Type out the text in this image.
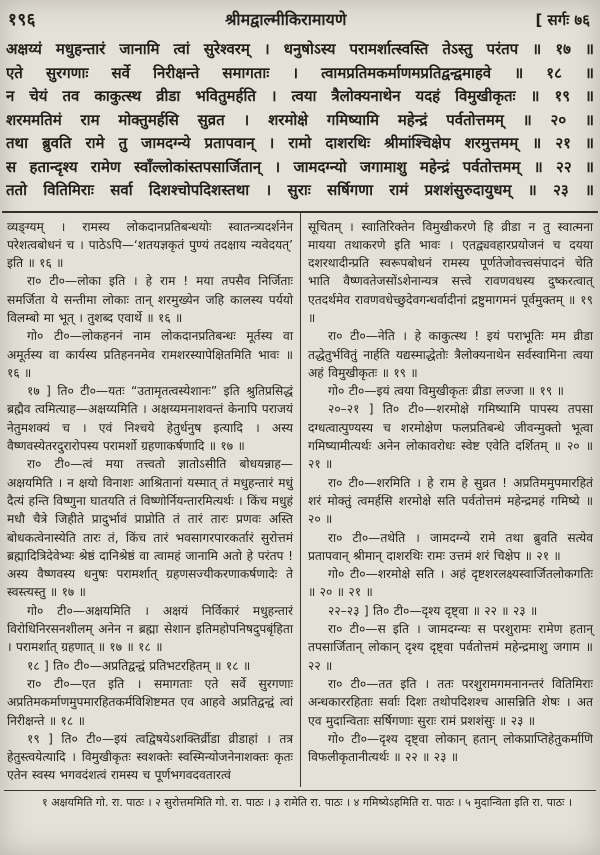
१९६	श्रीमद्वाल्मीकिरामायणे	[ सर्गः ७६

अक्षय्यं मधुहन्तारं जानामि त्वां सुरेश्वरम् । धनुषोऽस्य परामर्शात्स्वस्ति तेऽस्तु परंतप ॥ १७ ॥

एते सुरगणाः सर्वे निरीक्षन्ते समागताः । त्वामप्रतिमकर्माणमप्रतिद्वन्द्वमाहवे ॥ १८ ॥

न चेयं तव काकुत्स्थ व्रीडा भवितुमर्हति । त्वया त्रैलोक्यनाथेन यदहं विमुखीकृतः ॥ १९ ॥

शरममतिमं राम मोक्तुमर्हसि सुव्रत । शरमोक्षे गमिष्यामि महेन्द्रं पर्वतोत्तमम् ॥ २० ॥

तथा ब्रुवति रामे तु जामदग्न्ये प्रतापवान् । रामो दाशरथिः श्रीमांश्चिक्षेप शरमुत्तमम् ॥ २१ ॥

स हतान्दृश्य रामेण स्वाँल्लोकांस्तपसार्जितान् । जामदग्न्यो जगामाशु महेन्द्रं पर्वतोत्तमम् ॥ २२ ॥

ततो वितिमिराः सर्वा दिशश्चोपदिशस्तथा । सुराः सर्षिगणा रामं प्रशशंसुरुदायुधम् ॥ २३ ॥

व्यङ्ग्यम् । रामस्य लोकदानप्रतिबन्धयोः स्वातन्त्र्यदर्शनेन परेशत्वबोधनं च । पाठेऽपि—‘शतयज्ञकृतं पुण्यं तदक्षाय न्यवेदयत्’ इति ॥ १६ ॥

रा० टी०—लोका इति । हे राम ! मया तपसैव निर्जिताः समर्जिता ये सन्तीमा लोकाः तान् शरमुख्येन जहि कालस्य पर्ययो विलम्बो मा भूत् । तुशब्द एवार्थे ॥ १६ ॥

गो० टी०—लोकहननं नाम लोकदानप्रतिबन्धः मूर्तस्य वा अमूर्तस्य वा कार्यस्य प्रतिहननमेव रामशरस्यापेक्षितमिति भावः ॥ १६ ॥

१७ ] ति० टी०—यतः “उतामृतत्वस्येशानः” इति श्रुतिप्रसिद्धं ब्रह्मैव त्वमित्याह—अक्षय्यमिति । अक्षय्यमनाशवन्तं केनापि पराजयं नेतुमशक्यं च । एवं निश्चये हेतुर्धनुष इत्यादि । अस्य वैष्णवस्येतरदुरारोपस्य परामर्शो ग्रहणाकर्षणादि ॥ १७ ॥

रा० टी०—त्वं मया तत्त्वतो ज्ञातोऽसीति बोधयन्नाह—अक्षयमिति । न क्षयो विनाशः आश्रितानां यस्मात् तं मधुहन्तारं मधुं दैत्यं हन्ति विष्णुना घातयति तं विष्णोर्नियन्तारमित्यर्थः । किंच मधुहं मधौ चैत्रे जिहीते प्रादुर्भावं प्राप्नोति तं तारं तारः प्रणवः अस्ति बोधकत्वेनास्येति तारः तं, किंच तारं भवसागरपारकर्तारं सुरोत्तमं ब्रह्मादित्रिदेवेभ्यः श्रेष्ठं दानिश्रेष्ठं वा त्वामहं जानामि अतो हे परंतप ! अस्य वैष्णवस्य धनुषः परामर्शात् ग्रहणसज्यीकरणाकर्षणादेः ते स्वस्त्यस्तु ॥ १७ ॥

गो० टी०—अक्षयमिति । अक्षयं निर्विकारं मधुहन्तारं विरोधिनिरसनशीलम् अनेन न ब्रह्मा सेशान इतिमहोपनिषदुपबृंहिता । परामर्शात् ग्रहणात् ॥ १७ ॥ १८ ॥

१८ ] ति० टी०—अप्रतिद्वन्द्वं प्रतिभटरहितम् ॥ १८ ॥

रा० टी०—एत इति । समागताः एते सर्वे सुरगणाः अप्रतिमकर्माणमुपमारहितकर्मविशिष्टमत एव आहवे अप्रतिद्वन्द्वं त्वां निरीक्षन्ते ॥ १८ ॥

१९ ] ति० टी०—इयं त्वद्विषयेऽशक्तिर्व्रीडा व्रीडाहां । तत्र हेतुस्त्वयेत्यादि । विमुखीकृतः स्वशक्तेः स्वस्मिन्योजनेनाशक्तः कृतः एतेन स्वस्य भगवदंशत्वं रामस्य च पूर्णभगवदवतारत्वं

सूचितम् । स्वातिरिक्तेन विमुखीकरणे हि व्रीडा न तु स्वात्मना मायया तथाकरणे इति भावः । एतद्व्यवहारप्रयोजनं च दयया दशरथादीन्प्रति स्वरूपबोधनं रामस्य पूर्णतेजोवत्त्वसंपादनं चेति भाति वैष्णवतेजसोंऽशेनान्यत्र सत्त्वे रावणवधस्य दुष्करत्वात् एतदर्थमेव रावणवधेच्छुदेवगन्धर्वादीनां द्रष्टुमागमनं पूर्वमुक्तम् ॥ १९ ॥

रा० टी०—नेति । हे काकुत्स्थ ! इयं पराभूतिः मम व्रीडा तद्धेतुर्भवितुं नार्हति यद्यस्माद्धेतोः त्रैलोक्यनाथेन सर्वस्वामिना त्वया अहं विमुखीकृतः ॥ १९ ॥

गो० टी०—इयं त्वया विमुखीकृतः व्रीडा लज्जा ॥ १९ ॥

२०–२१ ] ति० टी०—शरमोक्षे गमिष्यामि पापस्य तपसा दग्धत्वात्पुण्यस्य च शरमोक्षेण फलप्रतिबन्धे जीवन्मुक्तो भूत्वा गमिष्यामीत्यर्थः अनेन लोकावरोधः स्वेष्ट एवेति दर्शितम् ॥ २० ॥ २१ ॥

रा० टी०—शरमिति । हे राम हे सुव्रत ! अप्रतिममुपमारहितं शरं मोक्तुं त्वमर्हसि शरमोक्षे सति पर्वतोत्तमं महेन्द्रमहं गमिष्ये ॥ २० ॥

रा० टी०—तथेति । जामदग्न्ये रामे तथा ब्रुवति सत्येव प्रतापवान् श्रीमान् दाशरथिः रामः उत्तमं शरं चिक्षेप ॥ २१ ॥

गो० टी०—शरमोक्षे सति । अहं दृष्टशरलक्ष्यस्वार्जितलोकगतिः ॥ २० ॥ २१ ॥

२२–२३ ] ति० टी०—दृश्य दृष्ट्वा ॥ २२ ॥ २३ ॥

रा० टी०—स इति । जामदग्न्यः स परशुरामः रामेण हतान् तपसार्जितान् लोकान् दृश्य दृष्ट्वा पर्वतोत्तमं महेन्द्रमाशु जगाम ॥ २२ ॥

रा० टी०—तत इति । ततः परशुरामगमनानन्तरं वितिमिराः अन्धकाररहिताः सर्वाः दिशः तथोपदिशश्च आसन्निति शेषः । अत एव मुदान्विताः सर्षिगणाः सुराः रामं प्रशशंसुः ॥ २३ ॥

गो० टी०—दृश्य दृष्ट्वा लोकान् हतान् लोकप्राप्तिहेतुकर्माणि विफलीकृतानीत्यर्थः ॥ २२ ॥ २३ ॥

१ अक्षयमिति गो. रा. पाठः । २ सुरोत्तममिति गो. रा. पाठः । ३ रामेति रा. पाठः । ४ गमिष्येऽहमिति रा. पाठः । ५ मुदान्विता इति रा. पाठः ।
